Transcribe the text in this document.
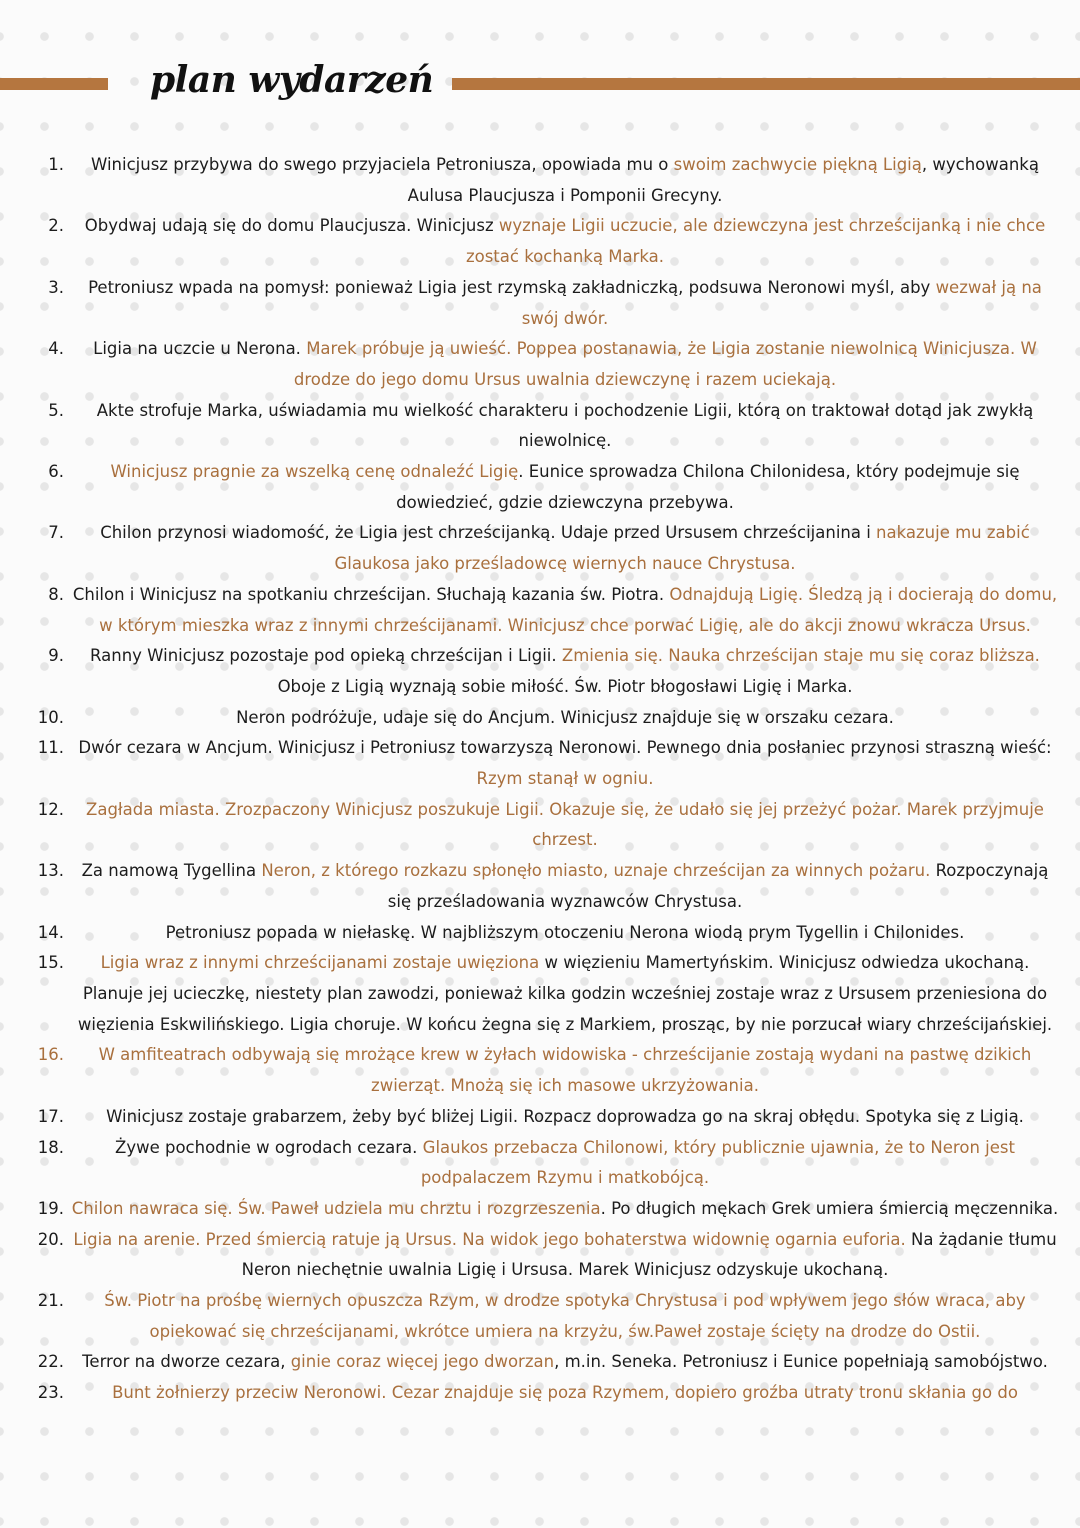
plan wydarzeń
1.	Winicjusz przybywa do swego przyjaciela Petroniusza, opowiada mu o swoim zachwycie piękną Ligią, wychowanką Aulusa Plaucjusza i Pomponii Grecyny.
2.	Obydwaj udają się do domu Plaucjusza. Winicjusz wyznaje Ligii uczucie, ale dziewczyna jest chrześcijanką i nie chce zostać kochanką Marka.
3.	Petroniusz wpada na pomysł: ponieważ Ligia jest rzymską zakładniczką, podsuwa Neronowi myśl, aby wezwał ją na swój dwór.
4.	Ligia na uczcie u Nerona. Marek próbuje ją uwieść. Poppea postanawia, że Ligia zostanie niewolnicą Winicjusza. W drodze do jego domu Ursus uwalnia dziewczynę i razem uciekają.
5.	Akte strofuje Marka, uświadamia mu wielkość charakteru i pochodzenie Ligii, którą on traktował dotąd jak zwykłą niewolnicę.
6.	Winicjusz pragnie za wszelką cenę odnaleźć Ligię. Eunice sprowadza Chilona Chilonidesa, który podejmuje się dowiedzieć, gdzie dziewczyna przebywa.
7.	Chilon przynosi wiadomość, że Ligia jest chrześcijanką. Udaje przed Ursusem chrześcijanina i nakazuje mu zabić Glaukosa jako prześladowcę wiernych nauce Chrystusa.
8. Chilon i Winicjusz na spotkaniu chrześcijan. Słuchają kazania św. Piotra. Odnajdują Ligię. Śledzą ją i docierają do domu, w którym mieszka wraz z innymi chrześcijanami. Winicjusz chce porwać Ligię, ale do akcji znowu wkracza Ursus.
9.	Ranny Winicjusz pozostaje pod opieką chrześcijan i Ligii. Zmienia się. Nauka chrześcijan staje mu się coraz bliższa. Oboje z Ligią wyznają sobie miłość. Św. Piotr błogosławi Ligię i Marka.
10.	Neron podróżuje, udaje się do Ancjum. Winicjusz znajduje się w orszaku cezara.
11. Dwór cezara w Ancjum. Winicjusz i Petroniusz towarzyszą Neronowi. Pewnego dnia posłaniec przynosi straszną wieść: Rzym stanął w ogniu.
12.	Zagłada miasta. Zrozpaczony Winicjusz poszukuje Ligii. Okazuje się, że udało się jej przeżyć pożar. Marek przyjmuje chrzest.
13.	Za namową Tygellina Neron, z którego rozkazu spłonęło miasto, uznaje chrześcijan za winnych pożaru. Rozpoczynają się prześladowania wyznawców Chrystusa.
14.	Petroniusz popada w niełaskę. W najbliższym otoczeniu Nerona wiodą prym Tygellin i Chilonides.
15.	Ligia wraz z innymi chrześcijanami zostaje uwięziona w więzieniu Mamertyńskim. Winicjusz odwiedza ukochaną. Planuje jej ucieczkę, niestety plan zawodzi, ponieważ kilka godzin wcześniej zostaje wraz z Ursusem przeniesiona do więzienia Eskwilińskiego. Ligia choruje. W końcu żegna się z Markiem, prosząc, by nie porzucał wiary chrześcijańskiej.
16.	W amfiteatrach odbywają się mrożące krew w żyłach widowiska - chrześcijanie zostają wydani na pastwę dzikich zwierząt. Mnożą się ich masowe ukrzyżowania.
17.	Winicjusz zostaje grabarzem, żeby być bliżej Ligii. Rozpacz doprowadza go na skraj obłędu. Spotyka się z Ligią.
18.	Żywe pochodnie w ogrodach cezara. Glaukos przebacza Chilonowi, który publicznie ujawnia, że to Neron jest podpalaczem Rzymu i matkobójcą.
19. Chilon nawraca się. Św. Paweł udziela mu chrztu i rozgrzeszenia. Po długich mękach Grek umiera śmiercią męczennika.
20. Ligia na arenie. Przed śmiercią ratuje ją Ursus. Na widok jego bohaterstwa widownię ogarnia euforia. Na żądanie tłumu Neron niechętnie uwalnia Ligię i Ursusa. Marek Winicjusz odzyskuje ukochaną.
21.	Św. Piotr na prośbę wiernych opuszcza Rzym, w drodze spotyka Chrystusa i pod wpływem jego słów wraca, aby opiekować się chrześcijanami, wkrótce umiera na krzyżu, św.Paweł zostaje ścięty na drodze do Ostii.
22.	Terror na dworze cezara, ginie coraz więcej jego dworzan, m.in. Seneka. Petroniusz i Eunice popełniają samobójstwo.
23.	Bunt żołnierzy przeciw Neronowi. Cezar znajduje się poza Rzymem, dopiero groźba utraty tronu skłania go do
